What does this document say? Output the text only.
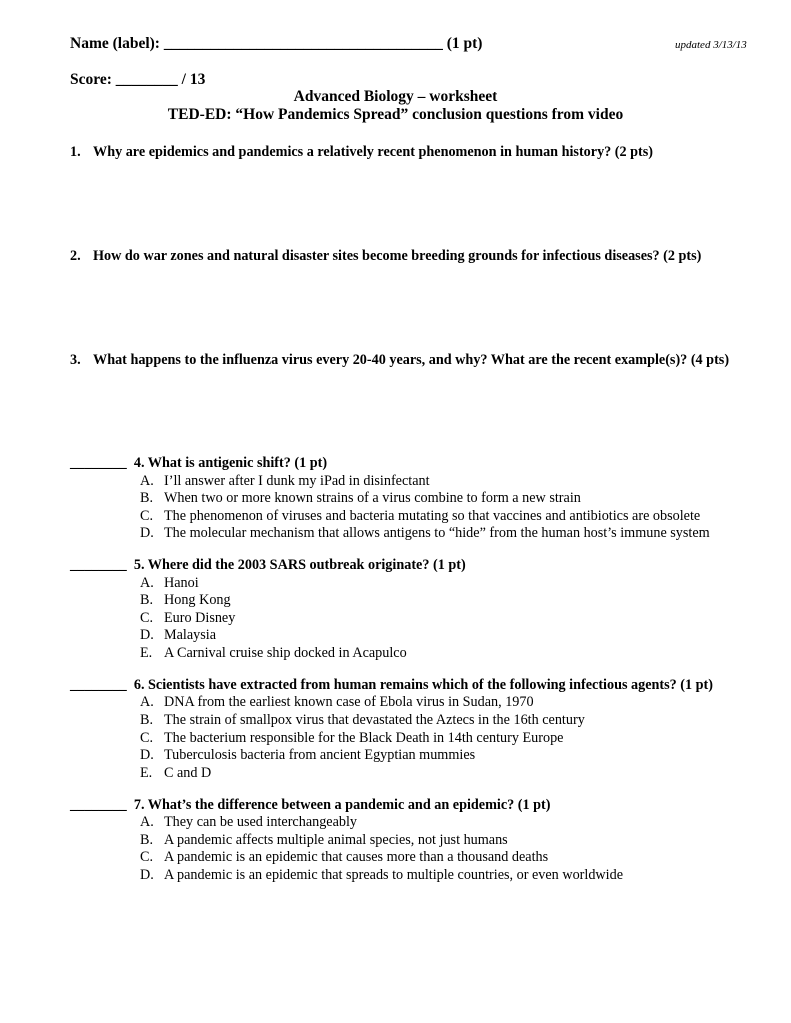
Name (label): ____________________________________ (1 pt)	updated 3/13/13
Score: ________ / 13
Advanced Biology – worksheet
TED-ED: “How Pandemics Spread” conclusion questions from video
1. Why are epidemics and pandemics a relatively recent phenomenon in human history? (2 pts)
2. How do war zones and natural disaster sites become breeding grounds for infectious diseases? (2 pts)
3. What happens to the influenza virus every 20-40 years, and why? What are the recent example(s)? (4 pts)
________ 4. What is antigenic shift? (1 pt)
A. I’ll answer after I dunk my iPad in disinfectant
B. When two or more known strains of a virus combine to form a new strain
C. The phenomenon of viruses and bacteria mutating so that vaccines and antibiotics are obsolete
D. The molecular mechanism that allows antigens to “hide” from the human host’s immune system
________ 5. Where did the 2003 SARS outbreak originate? (1 pt)
A. Hanoi
B. Hong Kong
C. Euro Disney
D. Malaysia
E. A Carnival cruise ship docked in Acapulco
________ 6. Scientists have extracted from human remains which of the following infectious agents? (1 pt)
A. DNA from the earliest known case of Ebola virus in Sudan, 1970
B. The strain of smallpox virus that devastated the Aztecs in the 16th century
C. The bacterium responsible for the Black Death in 14th century Europe
D. Tuberculosis bacteria from ancient Egyptian mummies
E. C and D
________ 7. What’s the difference between a pandemic and an epidemic? (1 pt)
A. They can be used interchangeably
B. A pandemic affects multiple animal species, not just humans
C. A pandemic is an epidemic that causes more than a thousand deaths
D. A pandemic is an epidemic that spreads to multiple countries, or even worldwide
